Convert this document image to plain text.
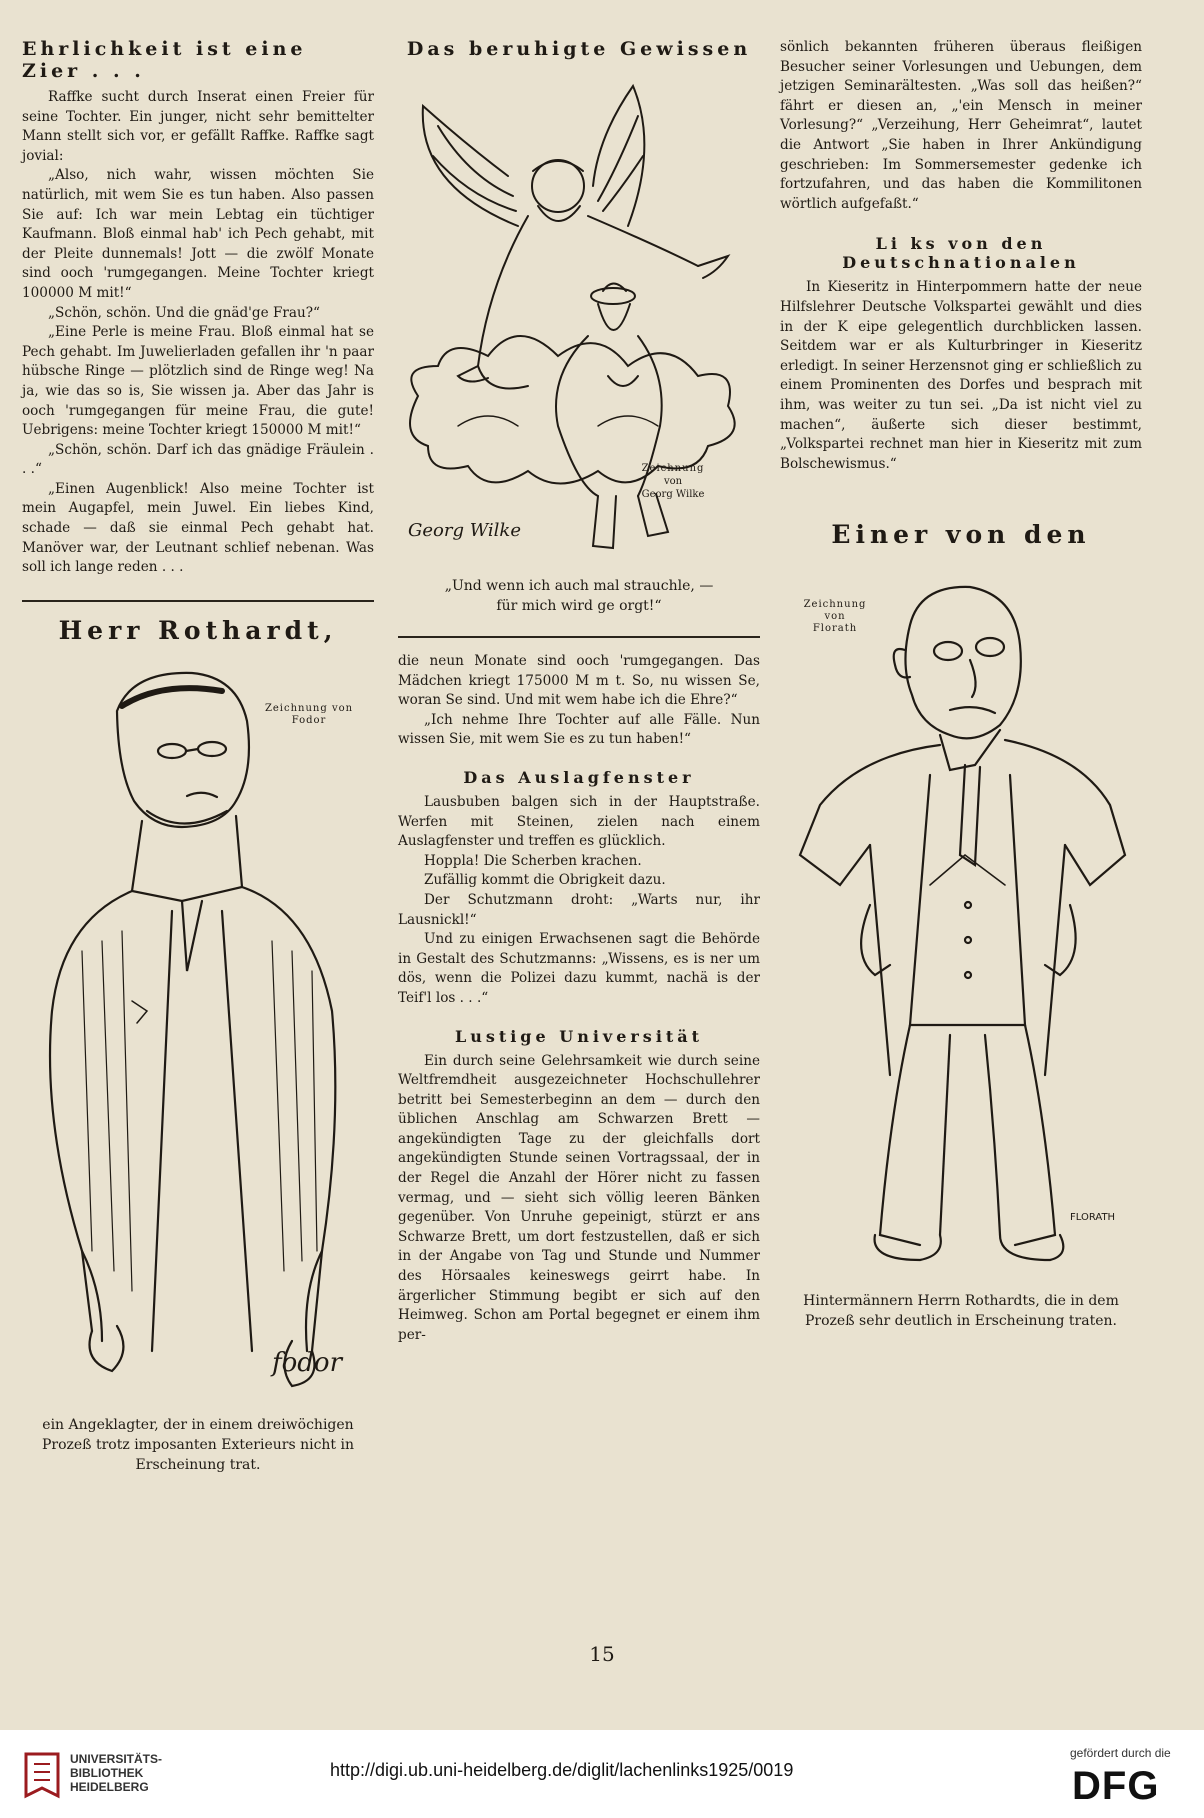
Ehrlichkeit ist eine Zier . . .

Raffke sucht durch Inserat einen Freier für seine Tochter. Ein junger, nicht sehr bemittelter Mann stellt sich vor, er gefällt Raffke. Raffke sagt jovial:

„Also, nich wahr, wissen möchten Sie natürlich, mit wem Sie es tun haben. Also passen Sie auf: Ich war mein Lebtag ein tüchtiger Kaufmann. Bloß einmal hab' ich Pech gehabt, mit der Pleite dunnemals! Jott — die zwölf Monate sind ooch 'rumgegangen. Meine Tochter kriegt 100000 M mit!“

„Schön, schön. Und die gnäd'ge Frau?“

„Eine Perle is meine Frau. Bloß einmal hat se Pech gehabt. Im Juwelierladen gefallen ihr 'n paar hübsche Ringe — plötzlich sind de Ringe weg! Na ja, wie das so is, Sie wissen ja. Aber das Jahr is ooch 'rumgegangen für meine Frau, die gute! Uebrigens: meine Tochter kriegt 150000 M mit!“

„Schön, schön. Darf ich das gnädige Fräulein . . .“

„Einen Augenblick! Also meine Tochter ist mein Augapfel, mein Juwel. Ein liebes Kind, schade — daß sie einmal Pech gehabt hat. Manöver war, der Leutnant schlief nebenan. Was soll ich lange reden . . .

Herr Rothardt,
Zeichnung von
Fodor
fodor

ein Angeklagter, der in einem dreiwöchigen Prozeß trotz imposanten Exterieurs nicht in Erscheinung trat.

Das beruhigte Gewissen
Zeichnung
von
Georg Wilke
Georg Wilke

„Und wenn ich auch mal strauchle, —

für mich wird ge orgt!“

die neun Monate sind ooch 'rumgegangen. Das Mädchen kriegt 175000 M m t. So, nu wissen Se, woran Se sind. Und mit wem habe ich die Ehre?“

„Ich nehme Ihre Tochter auf alle Fälle. Nun wissen Sie, mit wem Sie es zu tun haben!“

Das Auslagfenster

Lausbuben balgen sich in der Hauptstraße. Werfen mit Steinen, zielen nach einem Auslagfenster und treffen es glücklich.

Hoppla! Die Scherben krachen.

Zufällig kommt die Obrigkeit dazu.

Der Schutzmann droht: „Warts nur, ihr Lausnickl!“

Und zu einigen Erwachsenen sagt die Behörde in Gestalt des Schutzmanns: „Wissens, es is ner um dös, wenn die Polizei dazu kummt, nachä is der Teif'l los . . .“

Lustige Universität

Ein durch seine Gelehrsamkeit wie durch seine Weltfremdheit ausgezeichneter Hochschullehrer betritt bei Semesterbeginn an dem — durch den üblichen Anschlag am Schwarzen Brett — angekündigten Tage zu der gleichfalls dort angekündigten Stunde seinen Vortragssaal, der in der Regel die Anzahl der Hörer nicht zu fassen vermag, und — sieht sich völlig leeren Bänken gegenüber. Von Unruhe gepeinigt, stürzt er ans Schwarze Brett, um dort festzustellen, daß er sich in der Angabe von Tag und Stunde und Nummer des Hörsaales keineswegs geirrt habe. In ärgerlicher Stimmung begibt er sich auf den Heimweg. Schon am Portal begegnet er einem ihm per-

sönlich bekannten früheren überaus fleißigen Besucher seiner Vorlesungen und Uebungen, dem jetzigen Seminarältesten. „Was soll das heißen?“ fährt er diesen an, „'ein Mensch in meiner Vorlesung?“ „Verzeihung, Herr Geheimrat“, lautet die Antwort „Sie haben in Ihrer Ankündigung geschrieben: Im Sommersemester gedenke ich fortzufahren, und das haben die Kommilitonen wörtlich aufgefaßt.“

Li ks von den Deutschnationalen

In Kieseritz in Hinterpommern hatte der neue Hilfslehrer Deutsche Volkspartei gewählt und dies in der K eipe gelegentlich durchblicken lassen. Seitdem war er als Kulturbringer in Kieseritz erledigt. In seiner Herzensnot ging er schließlich zu einem Prominenten des Dorfes und besprach mit ihm, was weiter zu tun sei. „Da ist nicht viel zu machen“, äußerte sich dieser bestimmt, „Volkspartei rechnet man hier in Kieseritz mit zum Bolschewismus.“

Einer von den
Zeichnung
von
Florath
FLORATH

Hintermännern Herrn Rothardts, die in dem Prozeß sehr deutlich in Erscheinung traten.

15
UNIVERSITÄTS-
BIBLIOTHEK
HEIDELBERG
http://digi.ub.uni-heidelberg.de/diglit/lachenlinks1925/0019
gefördert durch die
DFG
